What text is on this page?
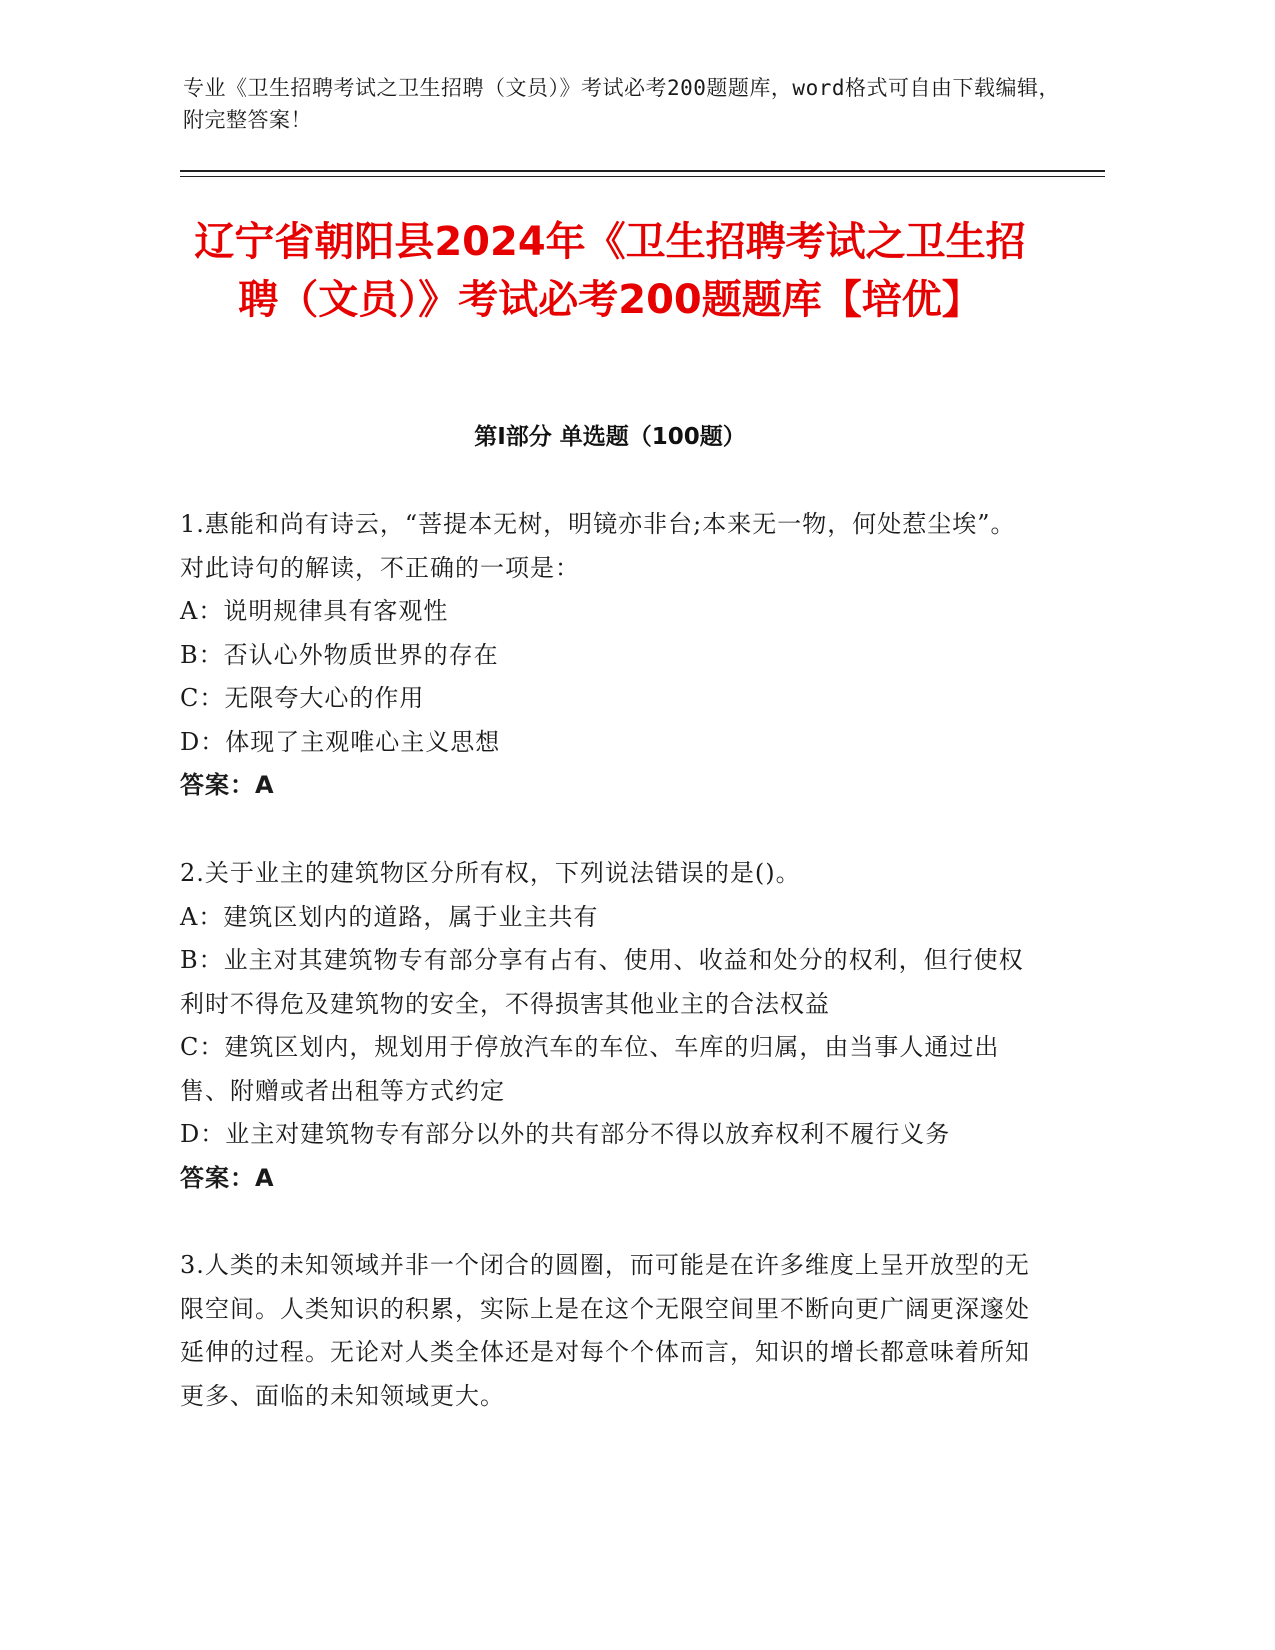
专业《卫生招聘考试之卫生招聘（文员）》考试必考200题题库，word格式可自由下载编辑，附完整答案！
辽宁省朝阳县2024年《卫生招聘考试之卫生招聘（文员）》考试必考200题题库【培优】
第Ⅰ部分 单选题（100题）

1.惠能和尚有诗云，“菩提本无树，明镜亦非台;本来无一物，何处惹尘埃”。对此诗句的解读，不正确的一项是：

A：说明规律具有客观性

B：否认心外物质世界的存在

C：无限夸大心的作用

D：体现了主观唯心主义思想

答案：A

2.关于业主的建筑物区分所有权，下列说法错误的是()。

A：建筑区划内的道路，属于业主共有

B：业主对其建筑物专有部分享有占有、使用、收益和处分的权利，但行使权利时不得危及建筑物的安全，不得损害其他业主的合法权益

C：建筑区划内，规划用于停放汽车的车位、车库的归属，由当事人通过出售、附赠或者出租等方式约定

D：业主对建筑物专有部分以外的共有部分不得以放弃权利不履行义务

答案：A

3.人类的未知领域并非一个闭合的圆圈，而可能是在许多维度上呈开放型的无限空间。人类知识的积累，实际上是在这个无限空间里不断向更广阔更深邃处延伸的过程。无论对人类全体还是对每个个体而言，知识的增长都意味着所知更多、面临的未知领域更大。
